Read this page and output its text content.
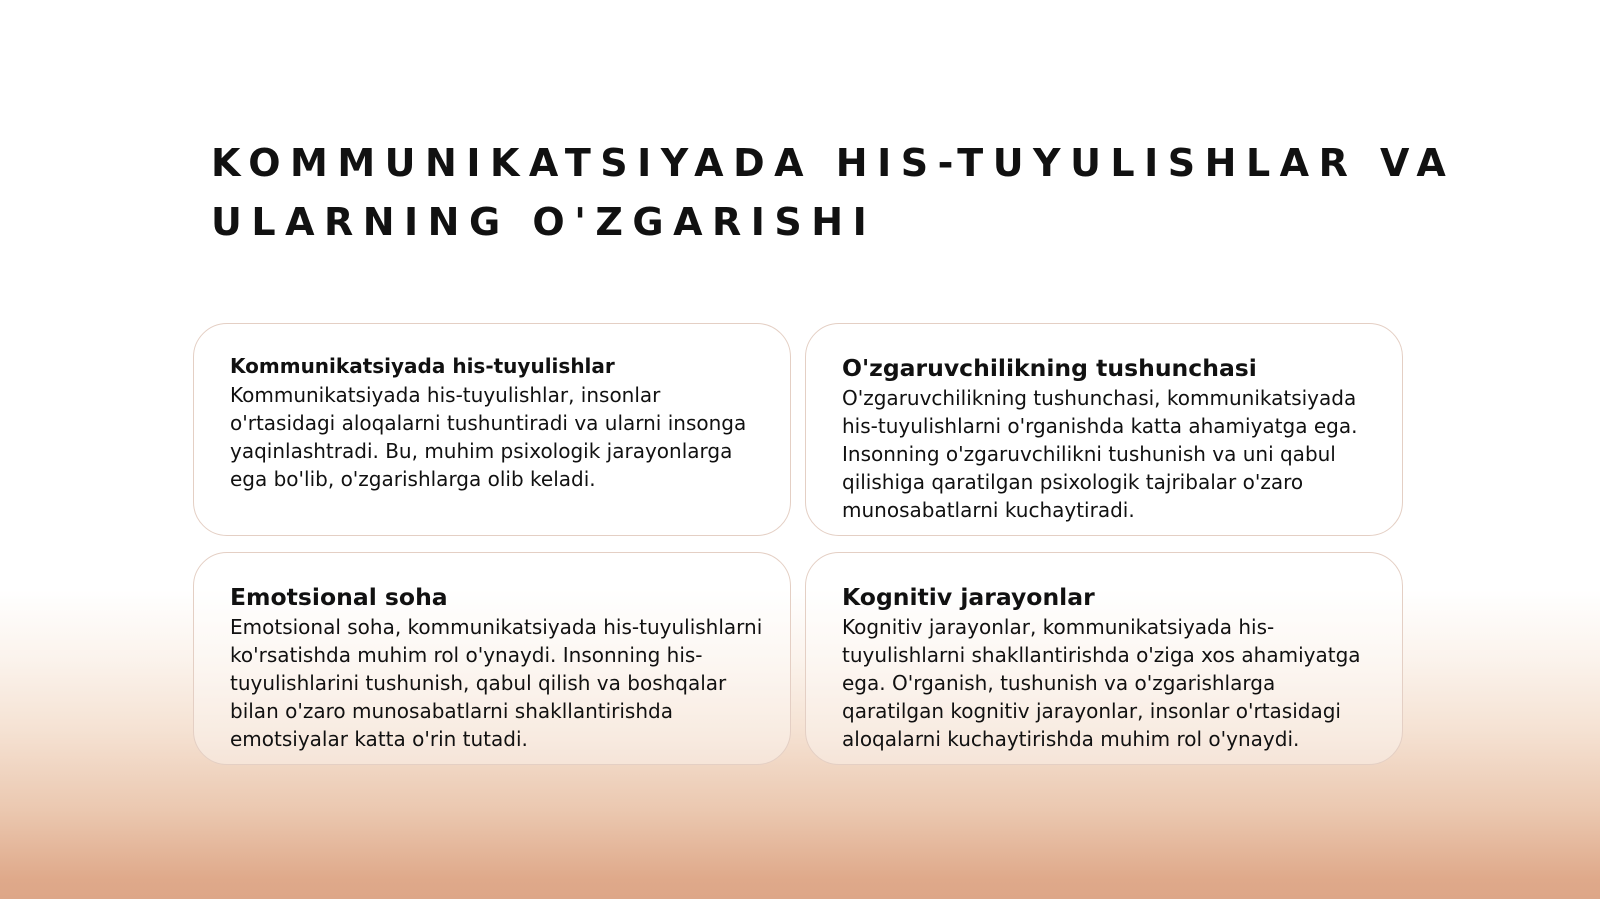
KOMMUNIKATSIYADA HIS-TUYULISHLAR VA ULARNING O'ZGARISHI
Kommunikatsiyada his-tuyulishlar

Kommunikatsiyada his-tuyulishlar, insonlar o'rtasidagi aloqalarni tushuntiradi va ularni insonga yaqinlashtradi. Bu, muhim psixologik jarayonlarga ega bo'lib, o'zgarishlarga olib keladi.

O'zgaruvchilikning tushunchasi

O'zgaruvchilikning tushunchasi, kommunikatsiyada his-tuyulishlarni o'rganishda katta ahamiyatga ega. Insonning o'zgaruvchilikni tushunish va uni qabul qilishiga qaratilgan psixologik tajribalar o'zaro munosabatlarni kuchaytiradi.

Emotsional soha

Emotsional soha, kommunikatsiyada his-tuyulishlarni ko'rsatishda muhim rol o'ynaydi. Insonning his-tuyulishlarini tushunish, qabul qilish va boshqalar bilan o'zaro munosabatlarni shakllantirishda emotsiyalar katta o'rin tutadi.

Kognitiv jarayonlar

Kognitiv jarayonlar, kommunikatsiyada his-tuyulishlarni shakllantirishda o'ziga xos ahamiyatga ega. O'rganish, tushunish va o'zgarishlarga qaratilgan kognitiv jarayonlar, insonlar o'rtasidagi aloqalarni kuchaytirishda muhim rol o'ynaydi.
